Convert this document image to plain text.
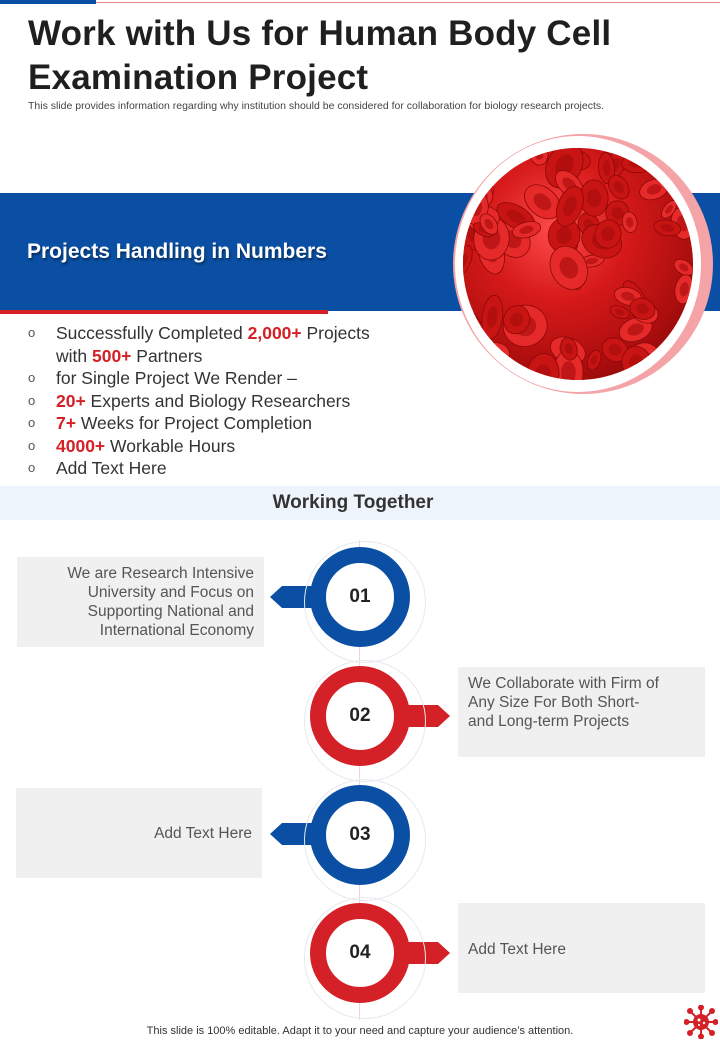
Work with Us for Human Body Cell Examination Project
This slide provides information regarding why institution should be considered for collaboration for biology research projects.
Projects Handling in Numbers
o Successfully Completed 2,000+ Projects
with 500+ Partners
o for Single Project We Render –
o 20+ Experts and Biology Researchers
o 7+ Weeks for Project Completion
o 4000+ Workable Hours
o Add Text Here
Working Together
We are Research Intensive University and Focus on Supporting National and International Economy
01
We Collaborate with Firm of Any Size For Both Short- and Long-term Projects
02
Add Text Here	03
Add Text Here
04
This slide is 100% editable. Adapt it to your need and capture your audience’s attention.
